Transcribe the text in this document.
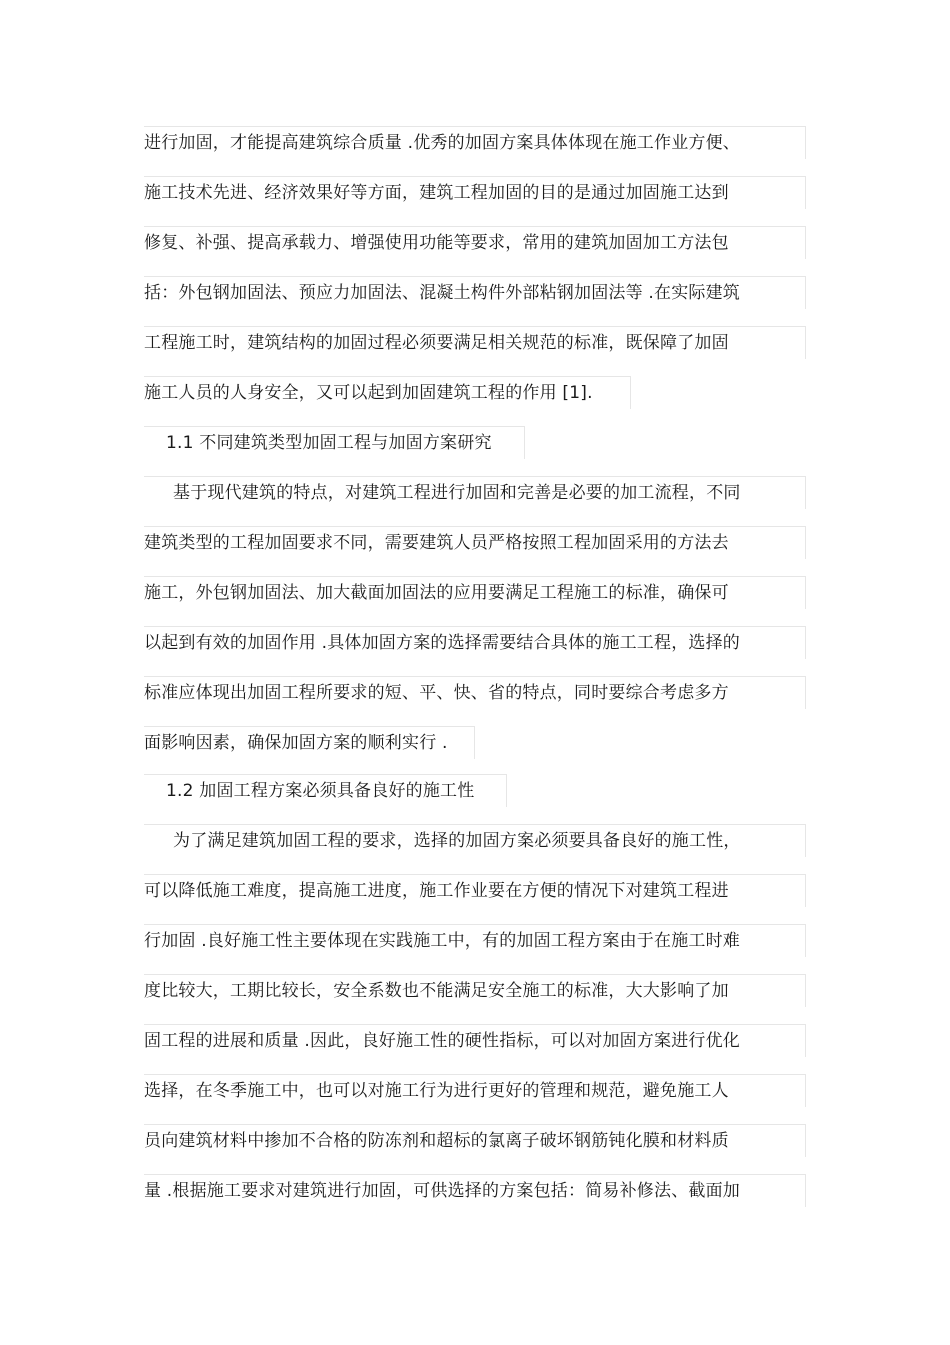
进行加固，才能提高建筑综合质量 .优秀的加固方案具体体现在施工作业方便、
施工技术先进、经济效果好等方面，建筑工程加固的目的是通过加固施工达到
修复、补强、提高承载力、增强使用功能等要求，常用的建筑加固加工方法包
括：外包钢加固法、预应力加固法、混凝土构件外部粘钢加固法等 .在实际建筑
工程施工时，建筑结构的加固过程必须要满足相关规范的标准，既保障了加固
施工人员的人身安全，又可以起到加固建筑工程的作用 [1].
1.1 不同建筑类型加固工程与加固方案研究
基于现代建筑的特点，对建筑工程进行加固和完善是必要的加工流程，不同
建筑类型的工程加固要求不同，需要建筑人员严格按照工程加固采用的方法去
施工，外包钢加固法、加大截面加固法的应用要满足工程施工的标准，确保可
以起到有效的加固作用 .具体加固方案的选择需要结合具体的施工工程，选择的
标准应体现出加固工程所要求的短、平、快、省的特点，同时要综合考虑多方
面影响因素，确保加固方案的顺利实行 .
1.2 加固工程方案必须具备良好的施工性
为了满足建筑加固工程的要求，选择的加固方案必须要具备良好的施工性，
可以降低施工难度，提高施工进度，施工作业要在方便的情况下对建筑工程进
行加固 .良好施工性主要体现在实践施工中，有的加固工程方案由于在施工时难
度比较大，工期比较长，安全系数也不能满足安全施工的标准，大大影响了加
固工程的进展和质量 .因此，良好施工性的硬性指标，可以对加固方案进行优化
选择，在冬季施工中，也可以对施工行为进行更好的管理和规范，避免施工人
员向建筑材料中掺加不合格的防冻剂和超标的氯离子破坏钢筋钝化膜和材料质
量 .根据施工要求对建筑进行加固，可供选择的方案包括：简易补修法、截面加
